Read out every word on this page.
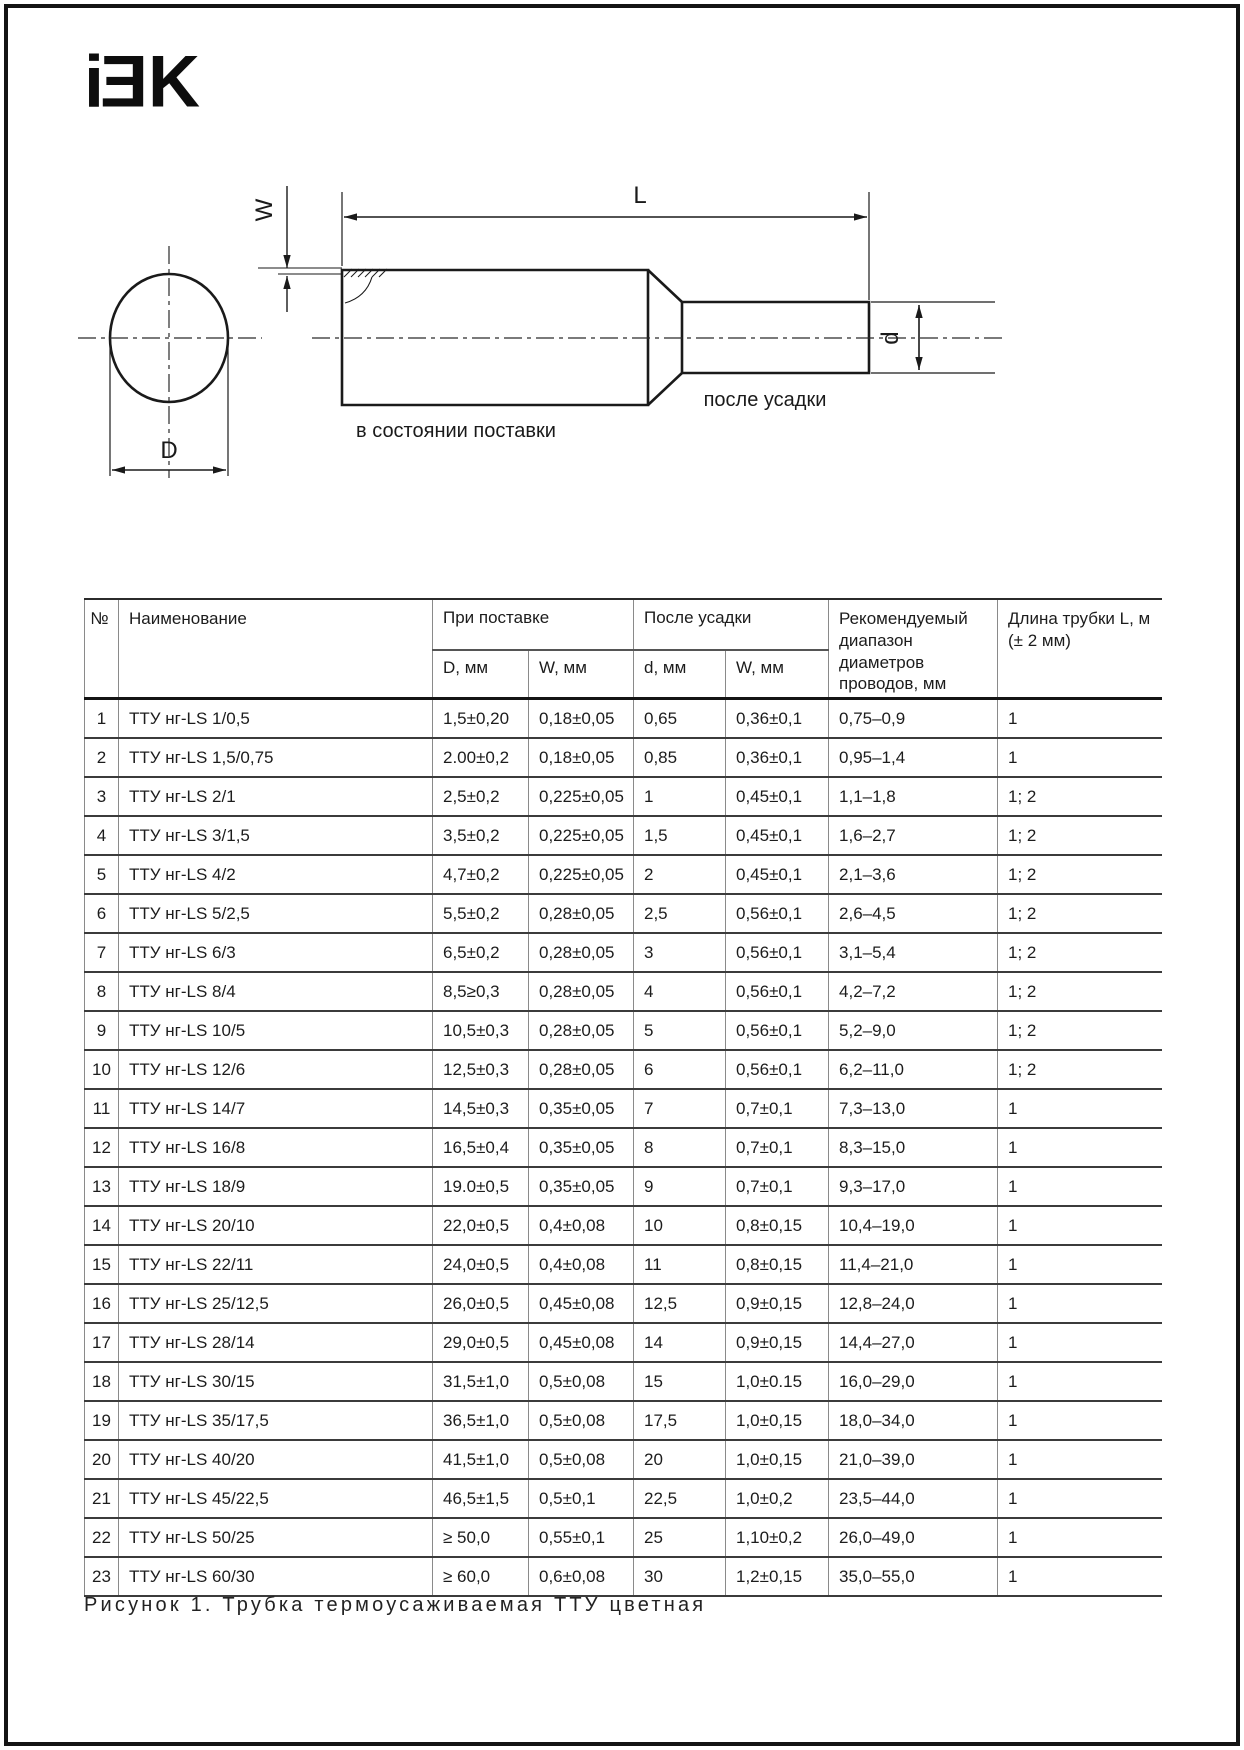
iEK
D
W
L
d
в состоянии поставки
после усадки
№	Наименование	При поставке		После усадки		Рекомендуемый диапазон диаметров проводов, мм	Длина трубки L, м (± 2 мм)
		D, мм	W, мм	d, мм	W, мм		
1	ТТУ нг-LS 1/0,5	1,5±0,20	0,18±0,05	0,65	0,36±0,1	0,75–0,9	1
2	ТТУ нг-LS 1,5/0,75	2.00±0,2	0,18±0,05	0,85	0,36±0,1	0,95–1,4	1
3	ТТУ нг-LS 2/1	2,5±0,2	0,225±0,05	1	0,45±0,1	1,1–1,8	1; 2
4	ТТУ нг-LS 3/1,5	3,5±0,2	0,225±0,05	1,5	0,45±0,1	1,6–2,7	1; 2
5	ТТУ нг-LS 4/2	4,7±0,2	0,225±0,05	2	0,45±0,1	2,1–3,6	1; 2
6	ТТУ нг-LS 5/2,5	5,5±0,2	0,28±0,05	2,5	0,56±0,1	2,6–4,5	1; 2
7	ТТУ нг-LS 6/3	6,5±0,2	0,28±0,05	3	0,56±0,1	3,1–5,4	1; 2
8	ТТУ нг-LS 8/4	8,5≥0,3	0,28±0,05	4	0,56±0,1	4,2–7,2	1; 2
9	ТТУ нг-LS 10/5	10,5±0,3	0,28±0,05	5	0,56±0,1	5,2–9,0	1; 2
10	ТТУ нг-LS 12/6	12,5±0,3	0,28±0,05	6	0,56±0,1	6,2–11,0	1; 2
11	ТТУ нг-LS 14/7	14,5±0,3	0,35±0,05	7	0,7±0,1	7,3–13,0	1
12	ТТУ нг-LS 16/8	16,5±0,4	0,35±0,05	8	0,7±0,1	8,3–15,0	1
13	ТТУ нг-LS 18/9	19.0±0,5	0,35±0,05	9	0,7±0,1	9,3–17,0	1
14	ТТУ нг-LS 20/10	22,0±0,5	0,4±0,08	10	0,8±0,15	10,4–19,0	1
15	ТТУ нг-LS 22/11	24,0±0,5	0,4±0,08	11	0,8±0,15	11,4–21,0	1
16	ТТУ нг-LS 25/12,5	26,0±0,5	0,45±0,08	12,5	0,9±0,15	12,8–24,0	1
17	ТТУ нг-LS 28/14	29,0±0,5	0,45±0,08	14	0,9±0,15	14,4–27,0	1
18	ТТУ нг-LS 30/15	31,5±1,0	0,5±0,08	15	1,0±0.15	16,0–29,0	1
19	ТТУ нг-LS 35/17,5	36,5±1,0	0,5±0,08	17,5	1,0±0,15	18,0–34,0	1
20	ТТУ нг-LS 40/20	41,5±1,0	0,5±0,08	20	1,0±0,15	21,0–39,0	1
21	ТТУ нг-LS 45/22,5	46,5±1,5	0,5±0,1	22,5	1,0±0,2	23,5–44,0	1
22	ТТУ нг-LS 50/25	≥ 50,0	0,55±0,1	25	1,10±0,2	26,0–49,0	1
23	ТТУ нг-LS 60/30	≥ 60,0	0,6±0,08	30	1,2±0,15	35,0–55,0	1
Рисунок 1. Трубка термоусаживаемая ТТУ цветная
